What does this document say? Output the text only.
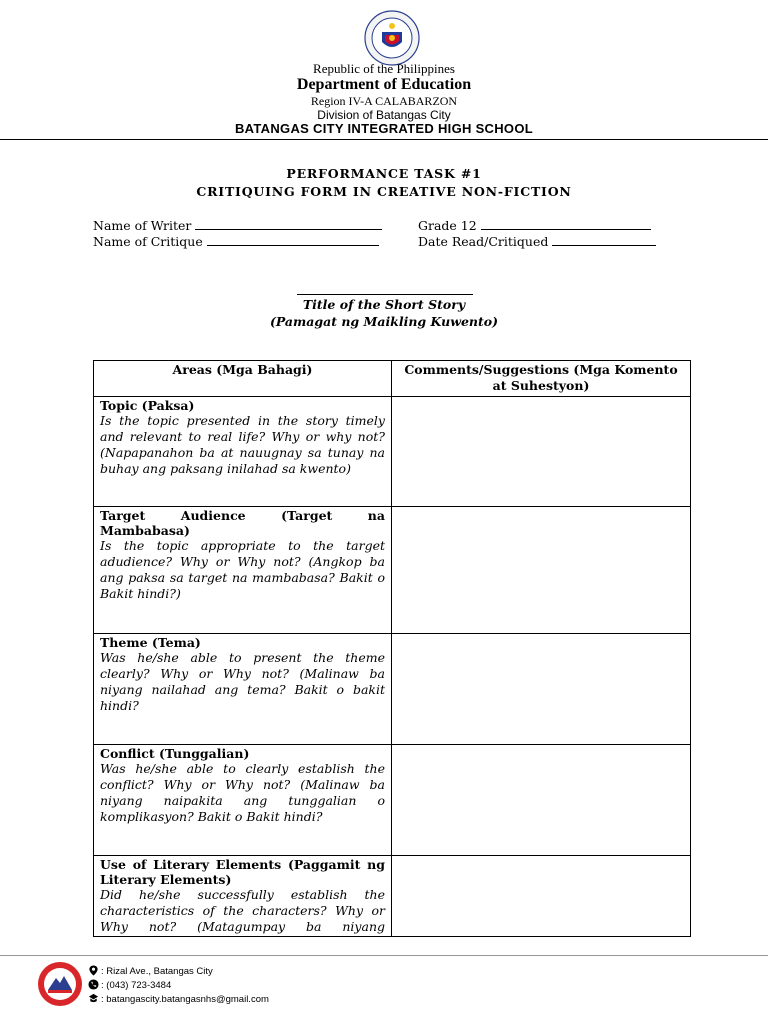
Republic of the Philippines
Department of Education
Region IV-A CALABARZON
Division of Batangas City
BATANGAS CITY INTEGRATED HIGH SCHOOL
PERFORMANCE TASK #1
CRITIQUING FORM IN CREATIVE NON-FICTION
Name of Writer
Name of Critique
Grade 12
Date Read/Critiqued
Title of the Short Story
(Pamagat ng Maikling Kuwento)
Areas (Mga Bahagi)	Comments/Suggestions (Mga Komento at Suhestyon)

Topic (Paksa)
Is the topic presented in the story timely and relevant to real life? Why or why not? (Napapanahon ba at nauugnay sa tunay na buhay ang paksang inilahad sa kwento)	

Target Audience (Target na Mambabasa)
Is the topic appropriate to the target adudience? Why or Why not? (Angkop ba ang paksa sa target na mambabasa? Bakit o Bakit hindi?)	

Theme (Tema)
Was he/she able to present the theme clearly? Why or Why not? (Malinaw ba niyang nailahad ang tema? Bakit o bakit hindi?	

Conflict (Tunggalian)
Was he/she able to clearly establish the conflict? Why or Why not? (Malinaw ba niyang naipakita ang tunggalian o komplikasyon? Bakit o Bakit hindi?	

Use of Literary Elements (Paggamit ng Literary Elements)
Did he/she successfully establish the characteristics of the characters? Why or Why not? (Matagumpay ba niyang	

: Rizal Ave., Batangas City
: (043) 723-3484
: batangascity.batangasnhs@gmail.com
